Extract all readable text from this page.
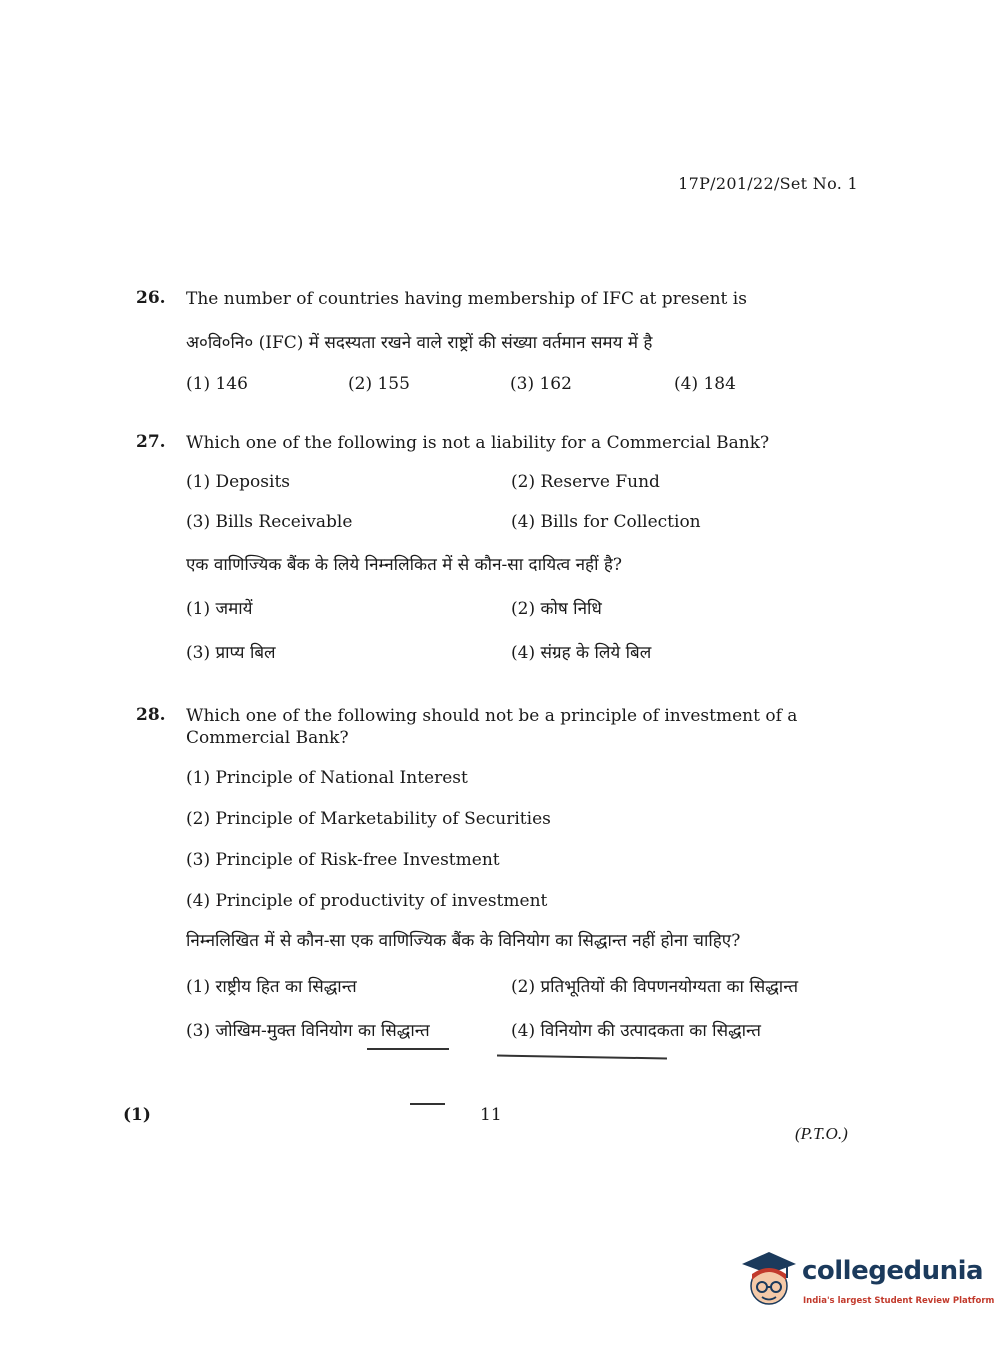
17P/201/22/Set No. 1
26. The number of countries having membership of IFC at present is
अ०वि०नि० (IFC) में सदस्यता रखने वाले राष्ट्रों की संख्या वर्तमान समय में है
(1) 146	(2) 155	(3) 162	(4) 184
27. Which one of the following is not a liability for a Commercial Bank?
(1) Deposits	(2) Reserve Fund
(3) Bills Receivable	(4) Bills for Collection
एक वाणिज्यिक बैंक के लिये निम्नलिकित में से कौन-सा दायित्व नहीं है?
(1) जमायें	(2) कोष निधि
(3) प्राप्य बिल	(4) संग्रह के लिये बिल
28. Which one of the following should not be a principle of investment of a Commercial Bank?
(1) Principle of National Interest
(2) Principle of Marketability of Securities
(3) Principle of Risk-free Investment
(4) Principle of productivity of investment
निम्नलिखित में से कौन-सा एक वाणिज्यिक बैंक के विनियोग का सिद्धान्त नहीं होना चाहिए?
(1) राष्ट्रीय हित का सिद्धान्त	(2) प्रतिभूतियों की विपणनयोग्यता का सिद्धान्त
(3) जोखिम-मुक्त विनियोग का सिद्धान्त	(4) विनियोग की उत्पादकता का सिद्धान्त
(1)	11
(P.T.O.)
collegedunia
India's largest Student Review Platform
